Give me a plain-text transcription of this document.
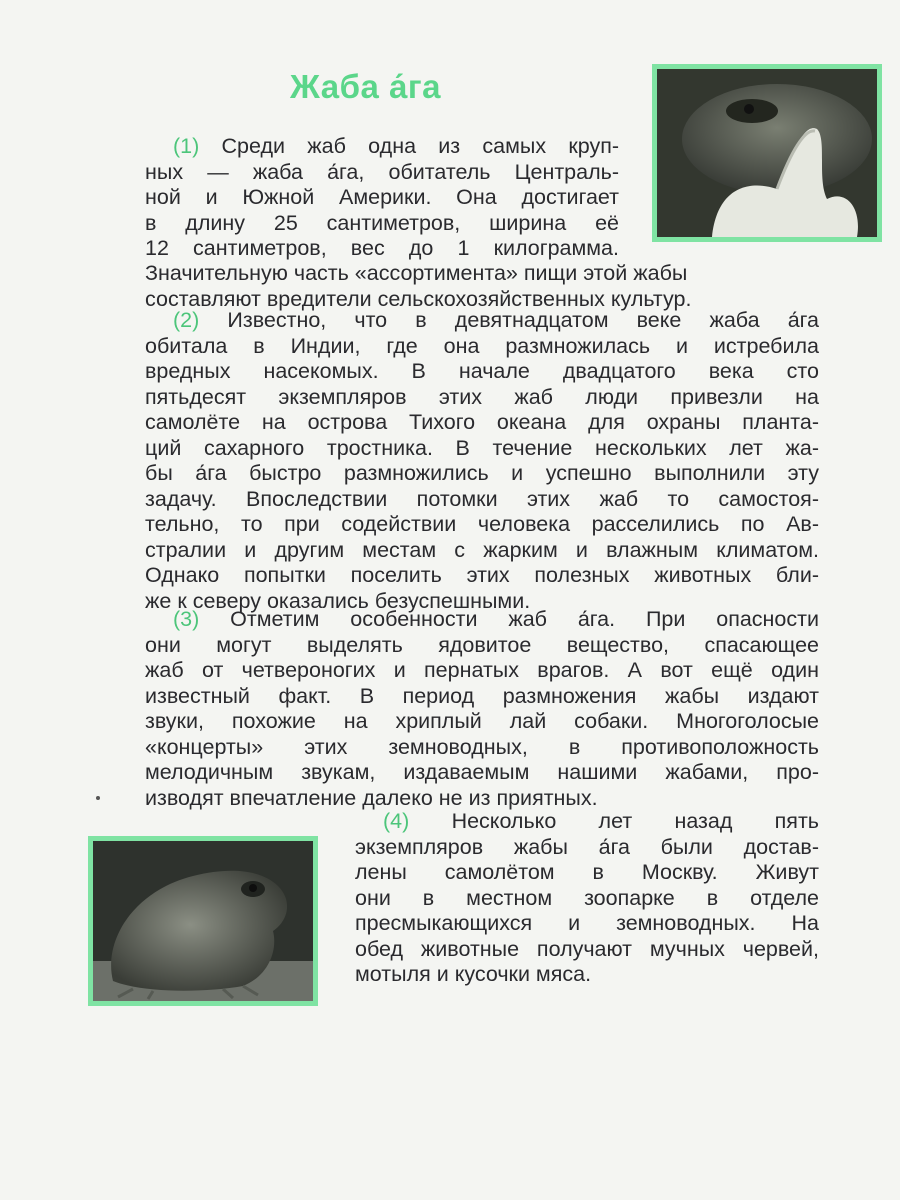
Жаба а́га
(1) Среди жаб одна из самых круп-
ных — жаба а́га, обитатель Централь-
ной и Южной Америки. Она достигает
в длину 25 сантиметров, ширина её
12 сантиметров, вес до 1 килограмма.
Значительную часть «ассортимента» пищи этой жабы
составляют вредители сельскохозяйственных культур.
(2) Известно, что в девятнадцатом веке жаба а́га
обитала в Индии, где она размножилась и истребила
вредных насекомых. В начале двадцатого века сто
пятьдесят экземпляров этих жаб люди привезли на
самолёте на острова Тихого океана для охраны планта-
ций сахарного тростника. В течение нескольких лет жа-
бы а́га быстро размножились и успешно выполнили эту
задачу. Впоследствии потомки этих жаб то самостоя-
тельно, то при содействии человека расселились по Ав-
стралии и другим местам с жарким и влажным климатом.
Однако попытки поселить этих полезных животных бли-
же к северу оказались безуспешными.
(3) Отметим особенности жаб а́га. При опасности
они могут выделять ядовитое вещество, спасающее
жаб от четвероногих и пернатых врагов. А вот ещё один
известный факт. В период размножения жабы издают
звуки, похожие на хриплый лай собаки. Многоголосые
«концерты» этих земноводных, в противоположность
мелодичным звукам, издаваемым нашими жабами, про-
изводят впечатление далеко не из приятных.
(4) Несколько лет назад пять
экземпляров жабы а́га были достав-
лены самолётом в Москву. Живут
они в местном зоопарке в отделе
пресмыкающихся и земноводных. На
обед животные получают мучных червей,
мотыля и кусочки мяса.
